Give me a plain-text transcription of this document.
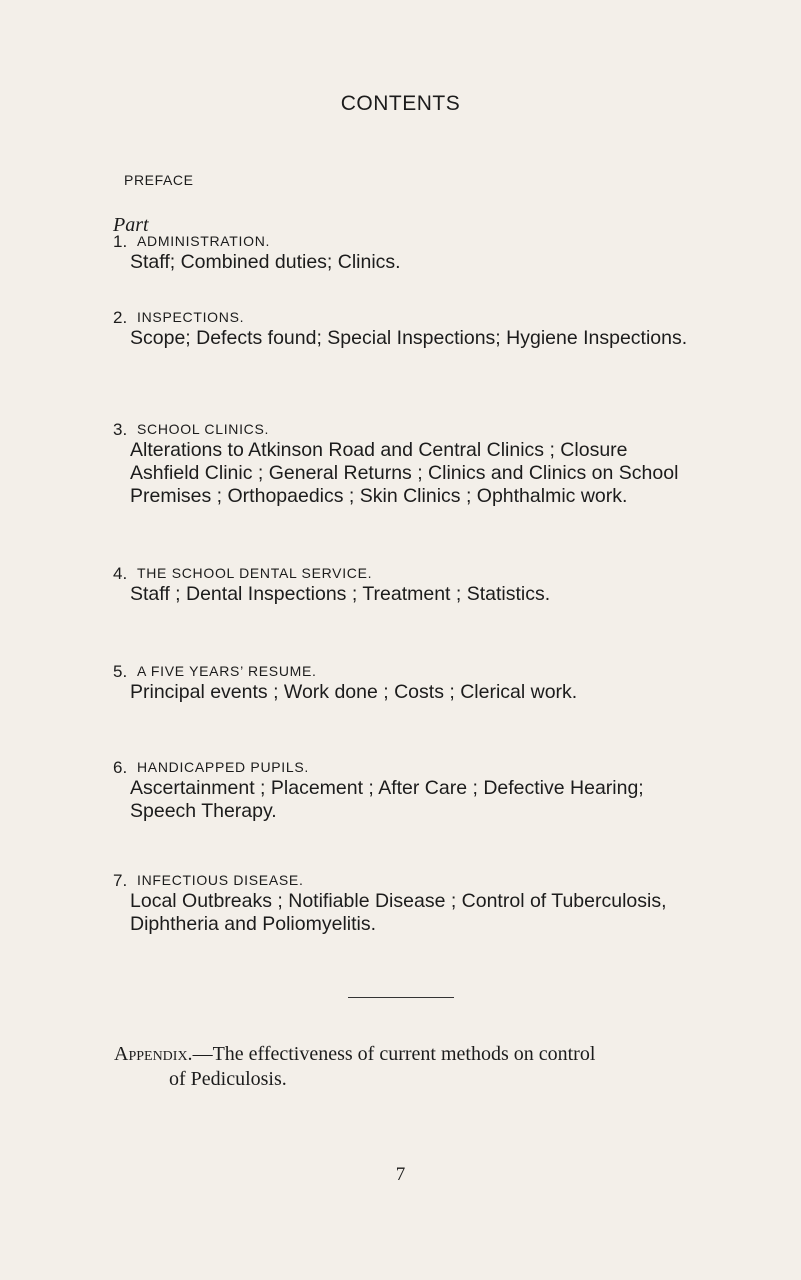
CONTENTS
PREFACE
Part
1. ADMINISTRATION.
Staff; Combined duties; Clinics.
2. INSPECTIONS.
Scope; Defects found; Special Inspections; Hygiene Inspections.
3. SCHOOL CLINICS.
Alterations to Atkinson Road and Central Clinics ; Closure Ashfield Clinic ; General Returns ; Clinics and Clinics on School Premises ; Orthopaedics ; Skin Clinics ; Ophthalmic work.
4. THE SCHOOL DENTAL SERVICE.
Staff ; Dental Inspections ; Treatment ; Statistics.
5. A FIVE YEARS’ RESUME.
Principal events ; Work done ; Costs ; Clerical work.
6. HANDICAPPED PUPILS.
Ascertainment ; Placement ; After Care ; Defective Hearing; Speech Therapy.
7. INFECTIOUS DISEASE.
Local Outbreaks ; Notifiable Disease ; Control of Tuberculosis, Diphtheria and Poliomyelitis.
Appendix.—The effectiveness of current methods on control
of Pediculosis.
7
